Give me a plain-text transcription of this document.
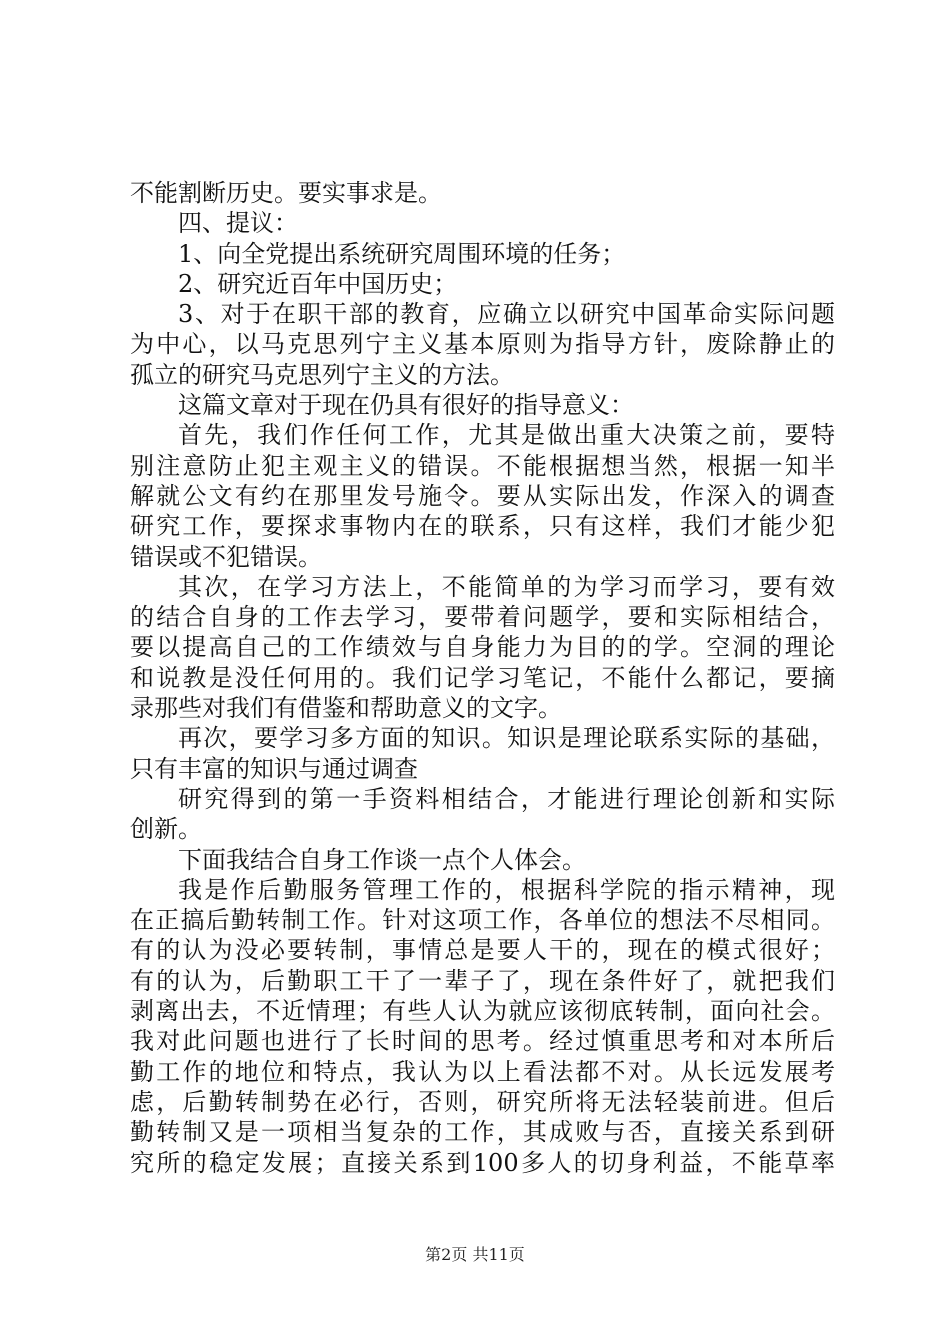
不能割断历史。要实事求是。
四、提议：
1、向全党提出系统研究周围环境的任务；
2、研究近百年中国历史；
3、对于在职干部的教育，应确立以研究中国革命实际问题
为中心，以马克思列宁主义基本原则为指导方针，废除静止的
孤立的研究马克思列宁主义的方法。
这篇文章对于现在仍具有很好的指导意义：
首先，我们作任何工作，尤其是做出重大决策之前，要特
别注意防止犯主观主义的错误。不能根据想当然，根据一知半
解就公文有约在那里发号施令。要从实际出发，作深入的调查
研究工作，要探求事物内在的联系，只有这样，我们才能少犯
错误或不犯错误。
其次，在学习方法上，不能简单的为学习而学习，要有效
的结合自身的工作去学习，要带着问题学，要和实际相结合，
要以提高自己的工作绩效与自身能力为目的的学。空洞的理论
和说教是没任何用的。我们记学习笔记，不能什么都记，要摘
录那些对我们有借鉴和帮助意义的文字。
再次，要学习多方面的知识。知识是理论联系实际的基础，
只有丰富的知识与通过调查
研究得到的第一手资料相结合，才能进行理论创新和实际
创新。
下面我结合自身工作谈一点个人体会。
我是作后勤服务管理工作的，根据科学院的指示精神，现
在正搞后勤转制工作。针对这项工作，各单位的想法不尽相同。
有的认为没必要转制，事情总是要人干的，现在的模式很好；
有的认为，后勤职工干了一辈子了，现在条件好了，就把我们
剥离出去，不近情理；有些人认为就应该彻底转制，面向社会。
我对此问题也进行了长时间的思考。经过慎重思考和对本所后
勤工作的地位和特点，我认为以上看法都不对。从长远发展考
虑，后勤转制势在必行，否则，研究所将无法轻装前进。但后
勤转制又是一项相当复杂的工作，其成败与否，直接关系到研
究所的稳定发展；直接关系到100多人的切身利益，不能草率
第2页 共11页
